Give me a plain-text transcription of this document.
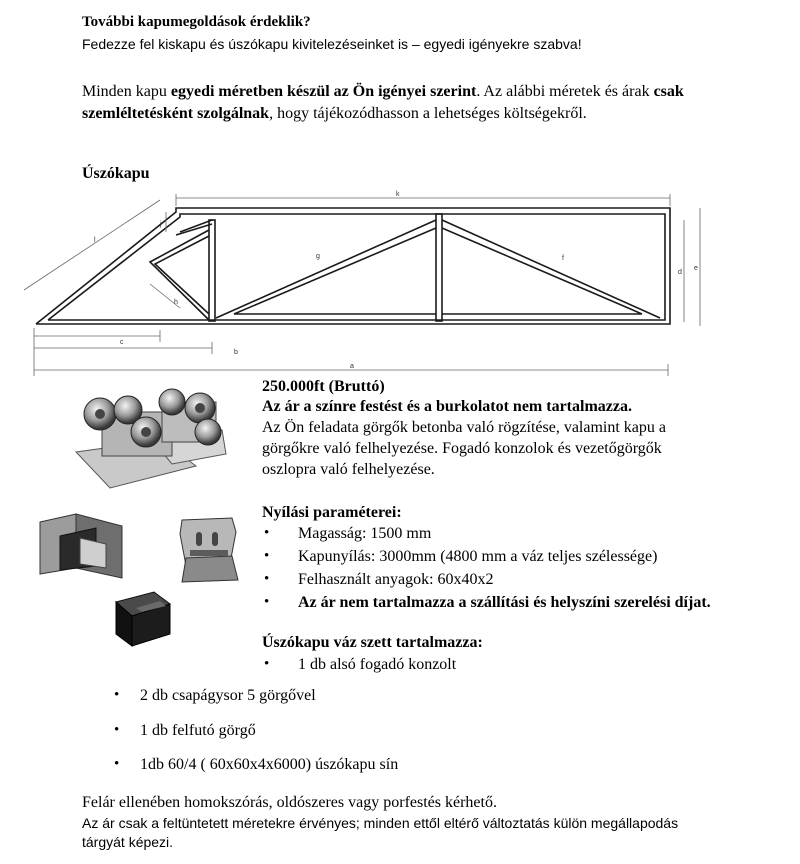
További kapumegoldások érdeklik?
Fedezze fel kiskapu és úszókapu kivitelezéseinket is – egyedi igényekre szabva!
Minden kapu egyedi méretben készül az Ön igényei szerint. Az alábbi méretek és árak csak
szemléltetésként szolgálnak, hogy tájékozódhasson a lehetséges költségekről.
Úszókapu
k
j
l
g	f
h
d
e
c
b
a
250.000ft (Bruttó)
Az ár a színre festést és a burkolatot nem tartalmazza.
Az Ön feladata görgők betonba való rögzítése, valamint kapu a
görgőkre való felhelyezése. Fogadó konzolok és vezetőgörgők
oszlopra való felhelyezése.
Nyílási paraméterei:
• Magasság: 1500 mm
• Kapunyílás: 3000mm (4800 mm a váz teljes szélessége)
• Felhasznált anyagok: 60x40x2
• Az ár nem tartalmazza a szállítási és helyszíni szerelési díjat.
Úszókapu váz szett tartalmazza:
• 1 db alsó fogadó konzolt
• 2 db csapágysor 5 görgővel
• 1 db felfutó görgő
• 1db 60/4 ( 60x60x4x6000) úszókapu sín
Felár ellenében homokszórás, oldószeres vagy porfestés kérhető.
Az ár csak a feltüntetett méretekre érvényes; minden ettől eltérő változtatás külön megállapodás
tárgyát képezi.
